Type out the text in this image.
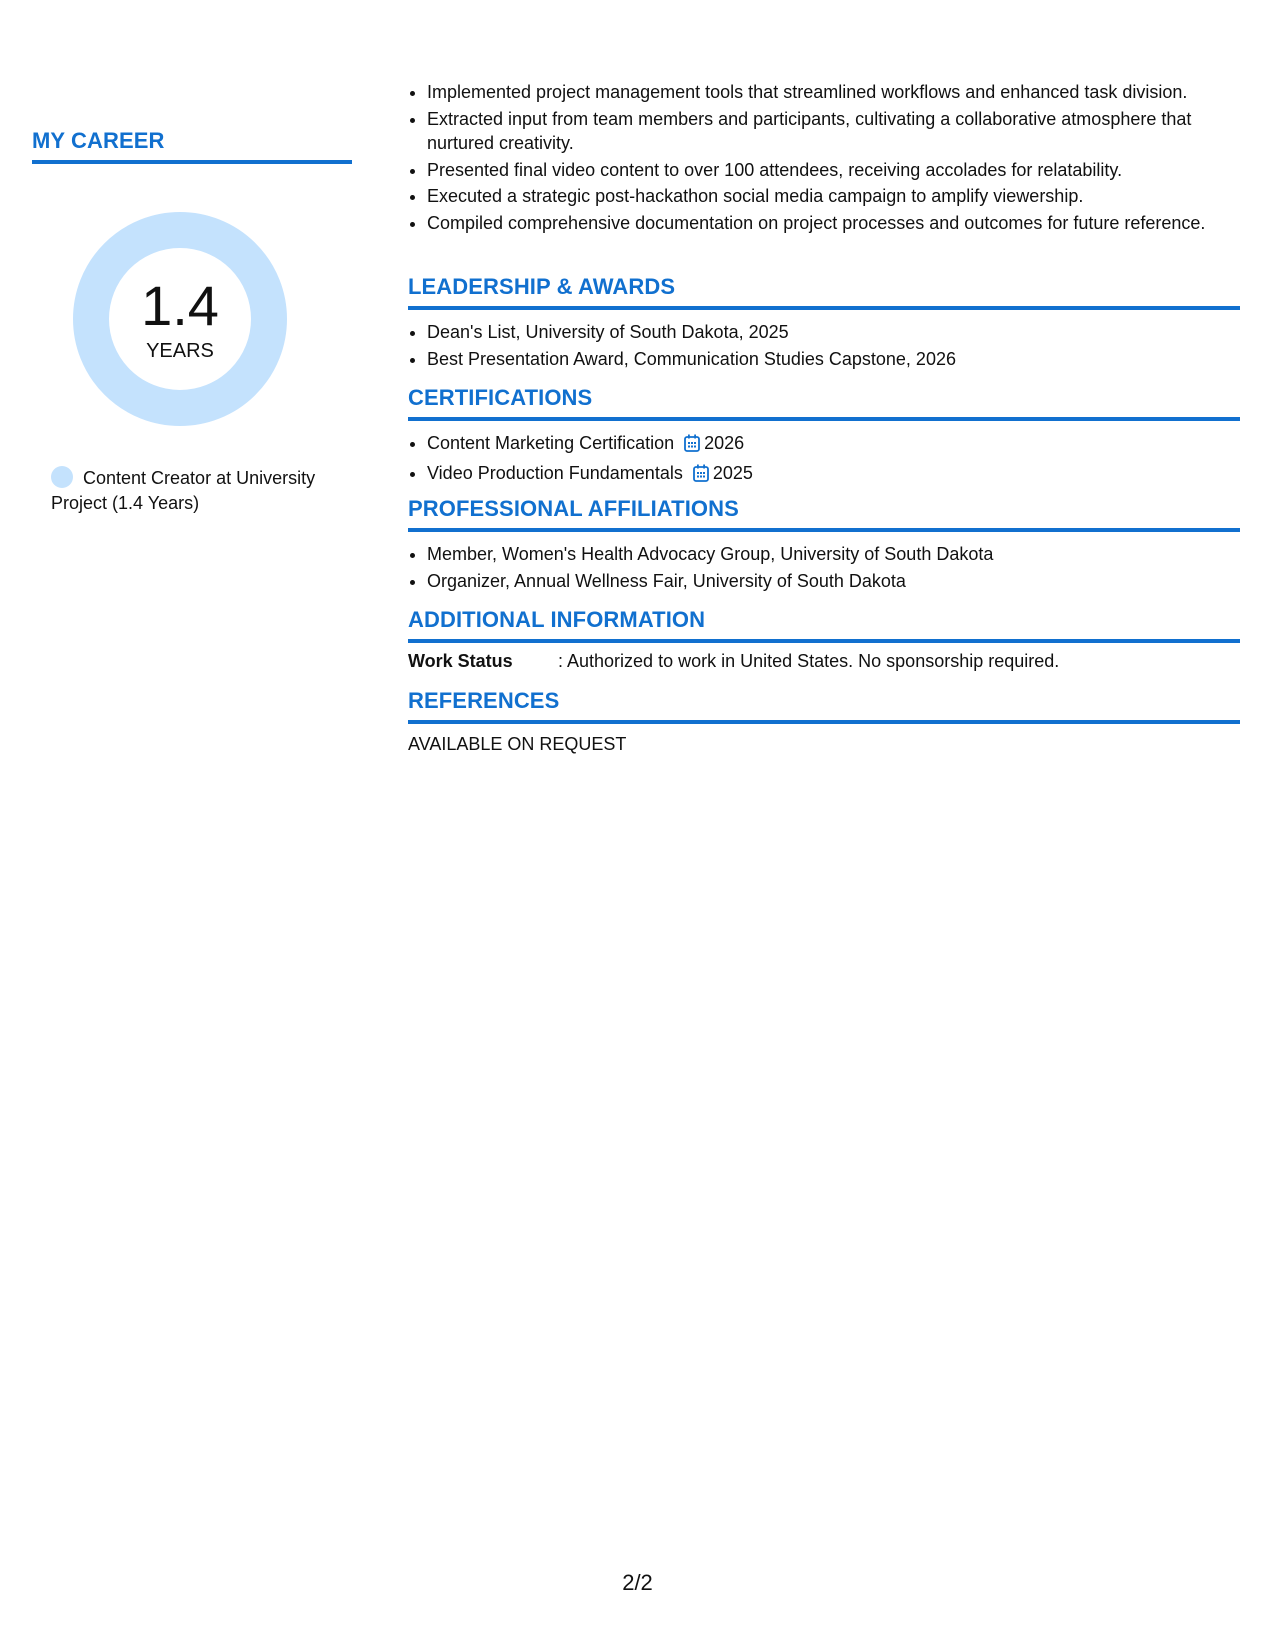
MY CAREER
1.4
YEARS
Content Creator at University Project (1.4 Years)
• Implemented project management tools that streamlined workflows and enhanced task division.
• Extracted input from team members and participants, cultivating a collaborative atmosphere that nurtured creativity.
• Presented final video content to over 100 attendees, receiving accolades for relatability.
• Executed a strategic post-hackathon social media campaign to amplify viewership.
• Compiled comprehensive documentation on project processes and outcomes for future reference.
LEADERSHIP & AWARDS
• Dean's List, University of South Dakota, 2025
• Best Presentation Award, Communication Studies Capstone, 2026
CERTIFICATIONS
• Content Marketing Certification 2026
• Video Production Fundamentals 2025
PROFESSIONAL AFFILIATIONS
• Member, Women's Health Advocacy Group, University of South Dakota
• Organizer, Annual Wellness Fair, University of South Dakota
ADDITIONAL INFORMATION
Work Status	: Authorized to work in United States. No sponsorship required.
REFERENCES
AVAILABLE ON REQUEST
2/2
